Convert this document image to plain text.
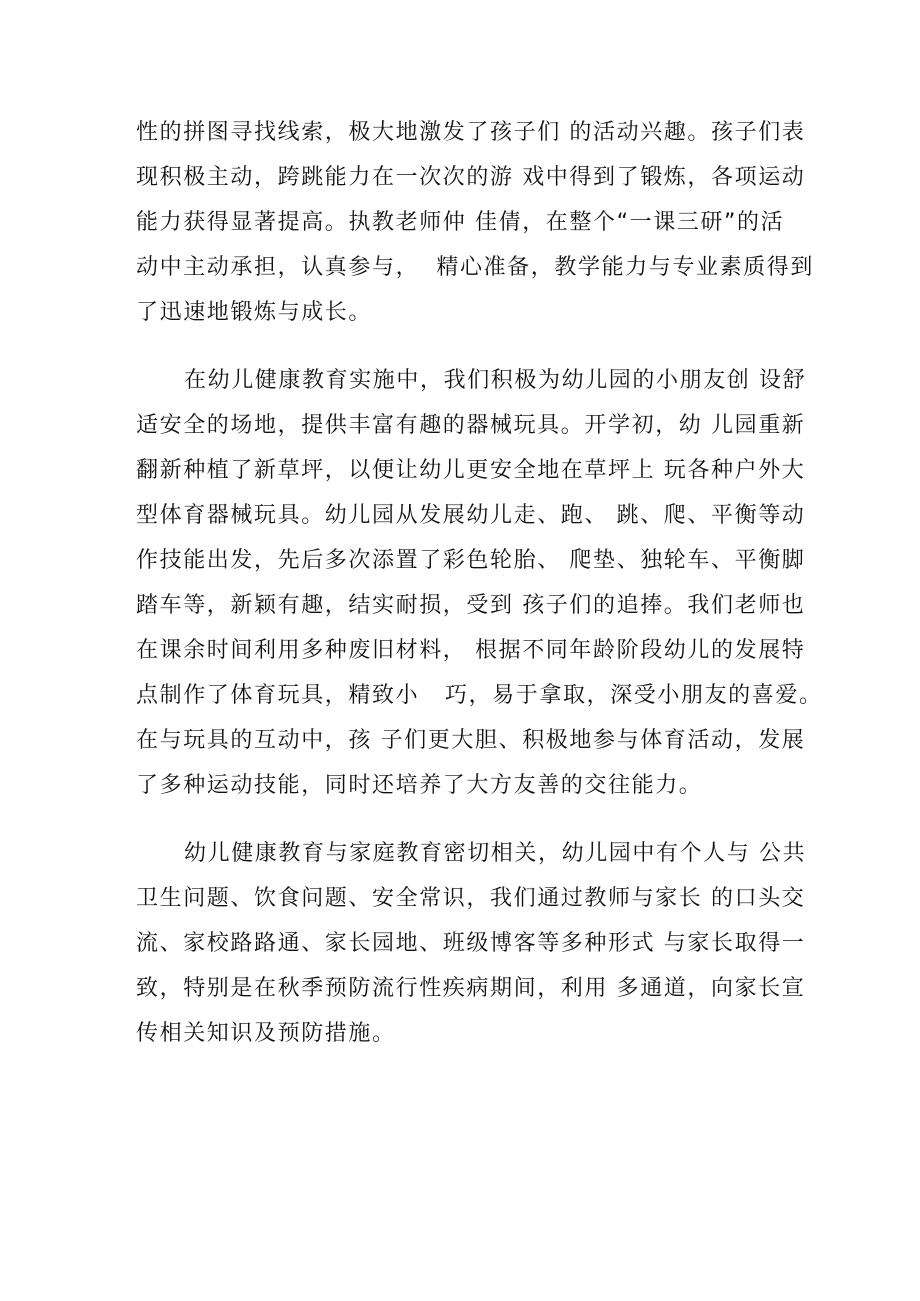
性的拼图寻找线索，极大地激发了孩子们 的活动兴趣。孩子们表
现积极主动，跨跳能力在一次次的游 戏中得到了锻炼，各项运动
能力获得显著提高。执教老师仲 佳倩，在整个“一课三研”的活
动中主动承担，认真参与，  精心准备，教学能力与专业素质得到
了迅速地锻炼与成长。
在幼儿健康教育实施中，我们积极为幼儿园的小朋友创 设舒
适安全的场地，提供丰富有趣的器械玩具。开学初，幼 儿园重新
翻新种植了新草坪，以便让幼儿更安全地在草坪上 玩各种户外大
型体育器械玩具。幼儿园从发展幼儿走、跑、 跳、爬、平衡等动
作技能出发，先后多次添置了彩色轮胎、 爬垫、独轮车、平衡脚
踏车等，新颖有趣，结实耐损，受到 孩子们的追捧。我们老师也
在课余时间利用多种废旧材料， 根据不同年龄阶段幼儿的发展特
点制作了体育玩具，精致小   巧，易于拿取，深受小朋友的喜爱。
在与玩具的互动中，孩 子们更大胆、积极地参与体育活动，发展
了多种运动技能，同时还培养了大方友善的交往能力。
幼儿健康教育与家庭教育密切相关，幼儿园中有个人与 公共
卫生问题、饮食问题、安全常识，我们通过教师与家长 的口头交
流、家校路路通、家长园地、班级博客等多种形式 与家长取得一
致，特别是在秋季预防流行性疾病期间，利用 多通道，向家长宣
传相关知识及预防措施。
